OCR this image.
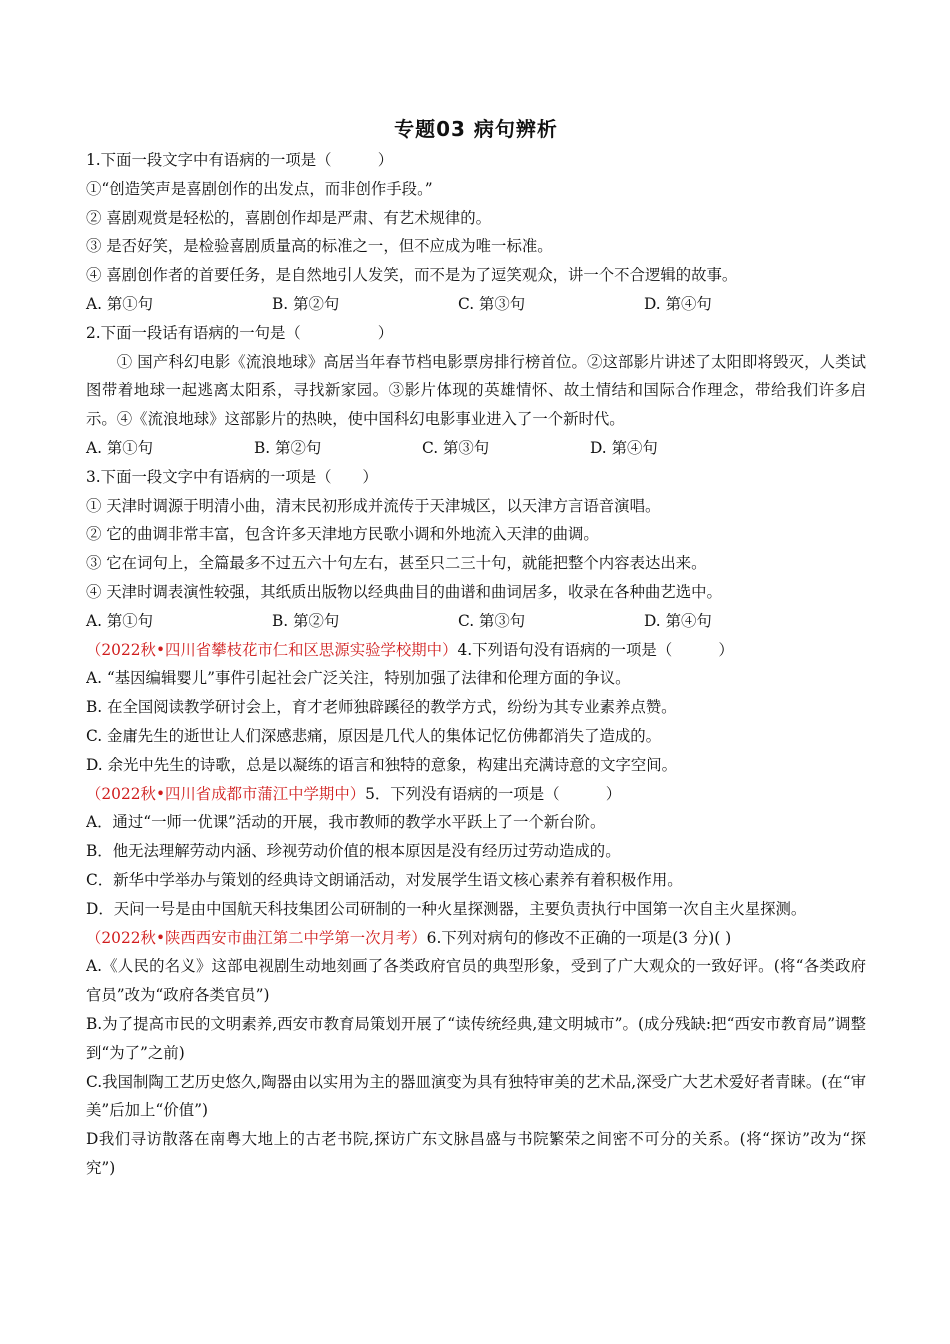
专题03 病句辨析
1.下面一段文字中有语病的一项是（　　　）
①“创造笑声是喜剧创作的出发点，而非创作手段。”
② 喜剧观赏是轻松的，喜剧创作却是严肃、有艺术规律的。
③ 是否好笑，是检验喜剧质量高的标准之一，但不应成为唯一标准。
④ 喜剧创作者的首要任务，是自然地引人发笑，而不是为了逗笑观众，讲一个不合逻辑的故事。
A. 第①句	B. 第②句	C. 第③句	D. 第④句
2.下面一段话有语病的一句是（　　　　　）
① 国产科幻电影《流浪地球》高居当年春节档电影票房排行榜首位。②这部影片讲述了太阳即将毁灭，人类试图带着地球一起逃离太阳系，寻找新家园。③影片体现的英雄情怀、故土情结和国际合作理念，带给我们许多启示。④《流浪地球》这部影片的热映，使中国科幻电影事业进入了一个新时代。
A. 第①句	B. 第②句	C. 第③句	D. 第④句
3.下面一段文字中有语病的一项是（　　）
① 天津时调源于明清小曲，清末民初形成并流传于天津城区，以天津方言语音演唱。
② 它的曲调非常丰富，包含许多天津地方民歌小调和外地流入天津的曲调。
③ 它在词句上，全篇最多不过五六十句左右，甚至只二三十句，就能把整个内容表达出来。
④ 天津时调表演性较强，其纸质出版物以经典曲目的曲谱和曲词居多，收录在各种曲艺选中。
A. 第①句	B. 第②句	C. 第③句	D. 第④句
（2022秋•四川省攀枝花市仁和区思源实验学校期中）4.下列语句没有语病的一项是（　　　）
A. “基因编辑婴儿”事件引起社会广泛关注，特别加强了法律和伦理方面的争议。
B. 在全国阅读教学研讨会上，育才老师独辟蹊径的教学方式，纷纷为其专业素养点赞。
C. 金庸先生的逝世让人们深感悲痛，原因是几代人的集体记忆仿佛都消失了造成的。
D. 余光中先生的诗歌，总是以凝练的语言和独特的意象，构建出充满诗意的文字空间。
（2022秋•四川省成都市蒲江中学期中）5．下列没有语病的一项是（　　　）
A．通过“一师一优课”活动的开展，我市教师的教学水平跃上了一个新台阶。
B．他无法理解劳动内涵、珍视劳动价值的根本原因是没有经历过劳动造成的。
C．新华中学举办与策划的经典诗文朗诵活动，对发展学生语文核心素养有着积极作用。
D．天问一号是由中国航天科技集团公司研制的一种火星探测器，主要负责执行中国第一次自主火星探测。
（2022秋•陕西西安市曲江第二中学第一次月考）6.下列对病句的修改不正确的一项是(3 分)( )
A.《人民的名义》这部电视剧生动地刻画了各类政府官员的典型形象，受到了广大观众的一致好评。(将“各类政府官员”改为“政府各类官员”)
B.为了提高市民的文明素养,西安市教育局策划开展了“读传统经典,建文明城市”。(成分残缺:把“西安市教育局”调整到“为了”之前)
C.我国制陶工艺历史悠久,陶器由以实用为主的器皿演变为具有独特审美的艺术品,深受广大艺术爱好者青睐。(在“审美”后加上“价值”)
D我们寻访散落在南粤大地上的古老书院,探访广东文脉昌盛与书院繁荣之间密不可分的关系。(将“探访”改为“探究”)
